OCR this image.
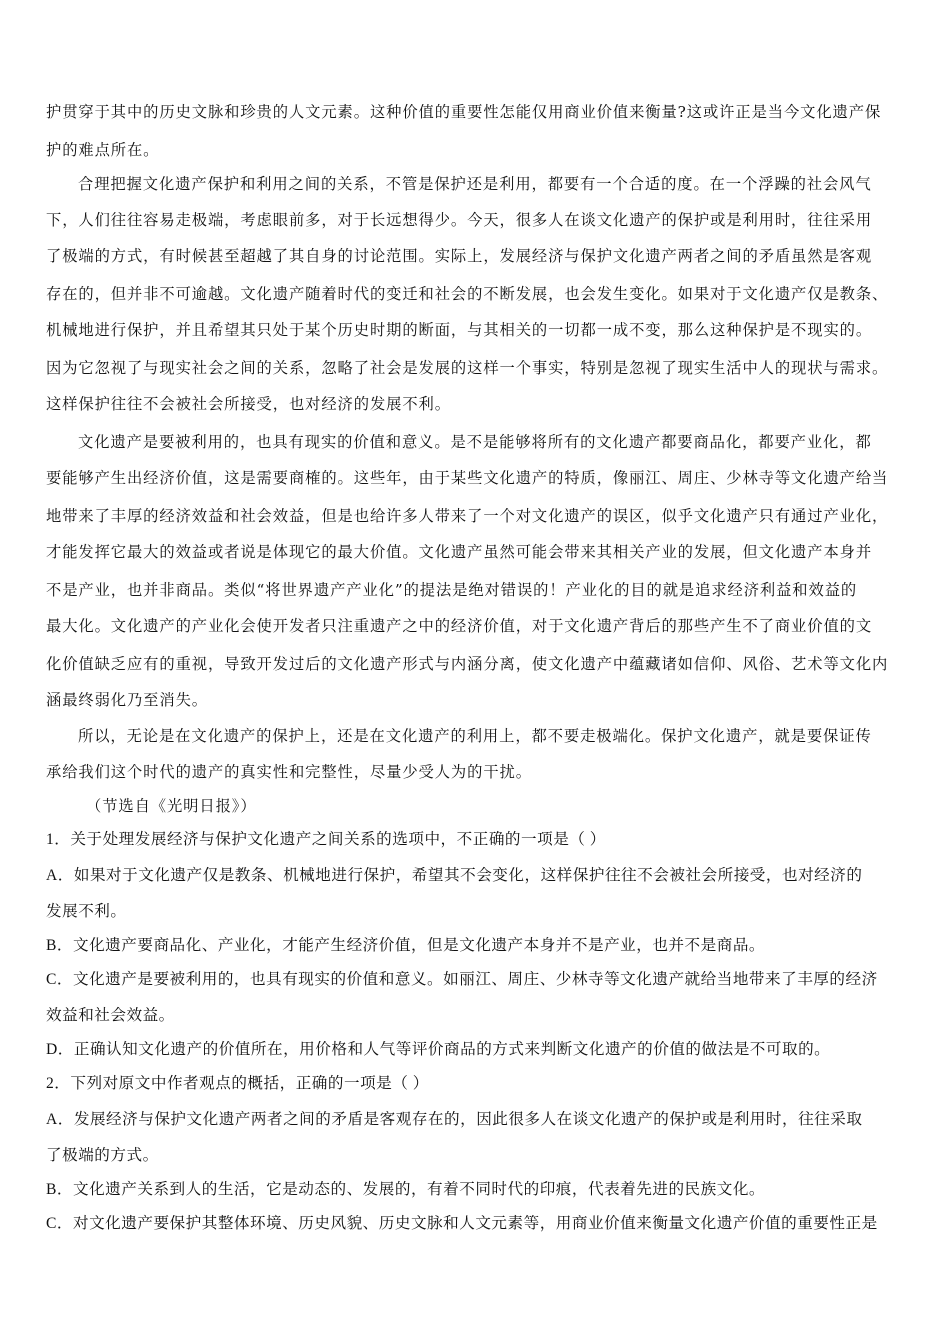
护贯穿于其中的历史文脉和珍贵的人文元素。这种价值的重要性怎能仅用商业价值来衡量?这或许正是当今文化遗产保
护的难点所在。
合理把握文化遗产保护和利用之间的关系，不管是保护还是利用，都要有一个合适的度。在一个浮躁的社会风气
下，人们往往容易走极端，考虑眼前多，对于长远想得少。今天，很多人在谈文化遗产的保护或是利用时，往往采用
了极端的方式，有时候甚至超越了其自身的讨论范围。实际上，发展经济与保护文化遗产两者之间的矛盾虽然是客观
存在的，但并非不可逾越。文化遗产随着时代的变迁和社会的不断发展，也会发生变化。如果对于文化遗产仅是教条、
机械地进行保护，并且希望其只处于某个历史时期的断面，与其相关的一切都一成不变，那么这种保护是不现实的。
因为它忽视了与现实社会之间的关系，忽略了社会是发展的这样一个事实，特别是忽视了现实生活中人的现状与需求。
这样保护往往不会被社会所接受，也对经济的发展不利。
文化遗产是要被利用的，也具有现实的价值和意义。是不是能够将所有的文化遗产都要商品化，都要产业化，都
要能够产生出经济价值，这是需要商榷的。这些年，由于某些文化遗产的特质，像丽江、周庄、少林寺等文化遗产给当
地带来了丰厚的经济效益和社会效益，但是也给许多人带来了一个对文化遗产的误区，似乎文化遗产只有通过产业化，
才能发挥它最大的效益或者说是体现它的最大价值。文化遗产虽然可能会带来其相关产业的发展，但文化遗产本身并
不是产业，也并非商品。类似“将世界遗产产业化”的提法是绝对错误的！产业化的目的就是追求经济利益和效益的
最大化。文化遗产的产业化会使开发者只注重遗产之中的经济价值，对于文化遗产背后的那些产生不了商业价值的文
化价值缺乏应有的重视，导致开发过后的文化遗产形式与内涵分离，使文化遗产中蕴藏诸如信仰、风俗、艺术等文化内
涵最终弱化乃至消失。
所以，无论是在文化遗产的保护上，还是在文化遗产的利用上，都不要走极端化。保护文化遗产，就是要保证传
承给我们这个时代的遗产的真实性和完整性，尽量少受人为的干扰。
（节选自《光明日报》）
1．关于处理发展经济与保护文化遗产之间关系的选项中，不正确的一项是（ ）
A．如果对于文化遗产仅是教条、机械地进行保护，希望其不会变化，这样保护往往不会被社会所接受，也对经济的
发展不利。
B．文化遗产要商品化、产业化，才能产生经济价值，但是文化遗产本身并不是产业，也并不是商品。
C．文化遗产是要被利用的，也具有现实的价值和意义。如丽江、周庄、少林寺等文化遗产就给当地带来了丰厚的经济
效益和社会效益。
D．正确认知文化遗产的价值所在，用价格和人气等评价商品的方式来判断文化遗产的价值的做法是不可取的。
2．下列对原文中作者观点的概括，正确的一项是（ ）
A．发展经济与保护文化遗产两者之间的矛盾是客观存在的，因此很多人在谈文化遗产的保护或是利用时，往往采取
了极端的方式。
B．文化遗产关系到人的生活，它是动态的、发展的，有着不同时代的印痕，代表着先进的民族文化。
C．对文化遗产要保护其整体环境、历史风貌、历史文脉和人文元素等，用商业价值来衡量文化遗产价值的重要性正是
